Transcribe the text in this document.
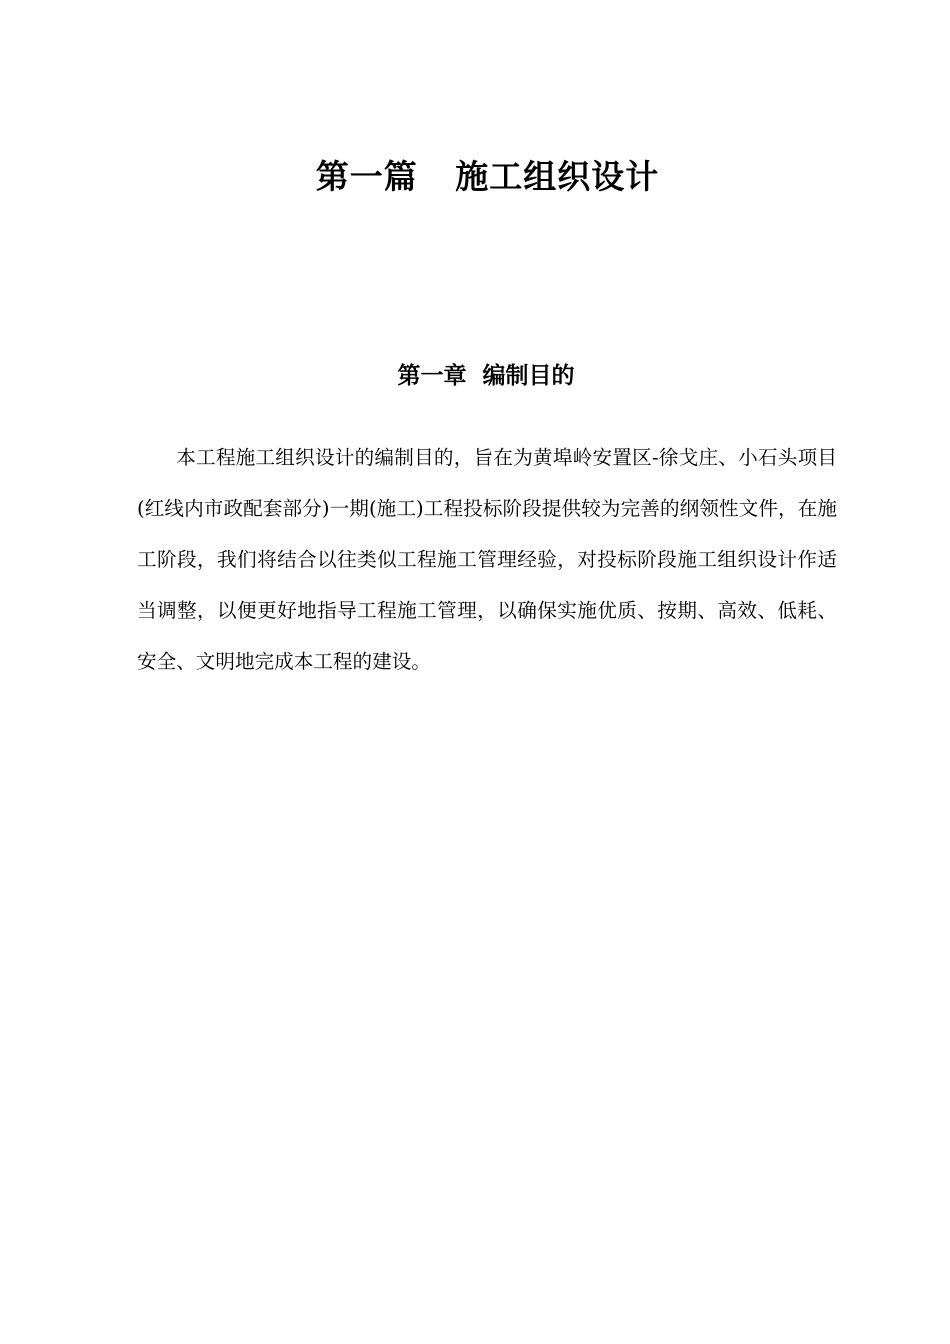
第一篇   施工组织设计
第一章  编制目的

本工程施工组织设计的编制目的，旨在为黄埠岭安置区-徐戈庄、小石头项目(红线内市政配套部分)一期(施工)工程投标阶段提供较为完善的纲领性文件，在施工阶段，我们将结合以往类似工程施工管理经验，对投标阶段施工组织设计作适当调整，以便更好地指导工程施工管理，以确保实施优质、按期、高效、低耗、安全、文明地完成本工程的建设。
